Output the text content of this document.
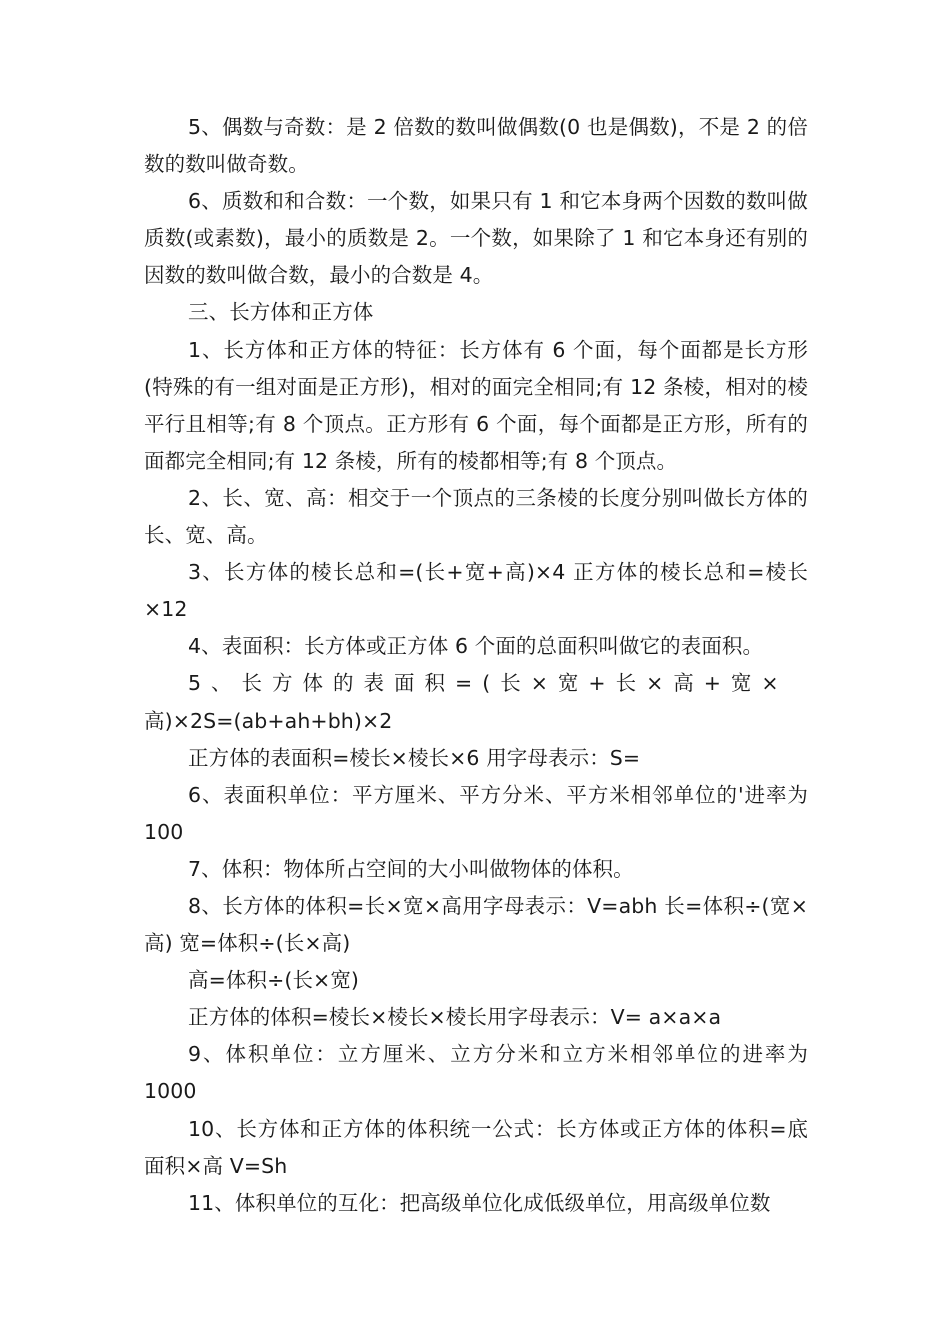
5、偶数与奇数：是 2 倍数的数叫做偶数(0 也是偶数)，不是 2 的倍数的数叫做奇数。

6、质数和和合数：一个数，如果只有 1 和它本身两个因数的数叫做质数(或素数)，最小的质数是 2。一个数，如果除了 1 和它本身还有别的因数的数叫做合数，最小的合数是 4。

三、长方体和正方体

1、长方体和正方体的特征：长方体有 6 个面，每个面都是长方形(特殊的有一组对面是正方形)，相对的面完全相同;有 12 条棱，相对的棱平行且相等;有 8 个顶点。正方形有 6 个面，每个面都是正方形，所有的面都完全相同;有 12 条棱，所有的棱都相等;有 8 个顶点。

2、长、宽、高：相交于一个顶点的三条棱的长度分别叫做长方体的长、宽、高。

3、长方体的棱长总和=(长+宽+高)×4 正方体的棱长总和=棱长×12

4、表面积：长方体或正方体 6 个面的总面积叫做它的表面积。

5、长方体的表面积=(长×宽+长×高+宽×
高)×2S=(ab+ah+bh)×2

正方体的表面积=棱长×棱长×6 用字母表示：S=

6、表面积单位：平方厘米、平方分米、平方米相邻单位的'进率为 100

7、体积：物体所占空间的大小叫做物体的体积。

8、长方体的体积=长×宽×高用字母表示：V=abh 长=体积÷(宽×高) 宽=体积÷(长×高)

高=体积÷(长×宽)

正方体的体积=棱长×棱长×棱长用字母表示：V= a×a×a

9、体积单位：立方厘米、立方分米和立方米相邻单位的进率为 1000

10、长方体和正方体的体积统一公式：长方体或正方体的体积=底面积×高 V=Sh

11、体积单位的互化：把高级单位化成低级单位，用高级单位数
